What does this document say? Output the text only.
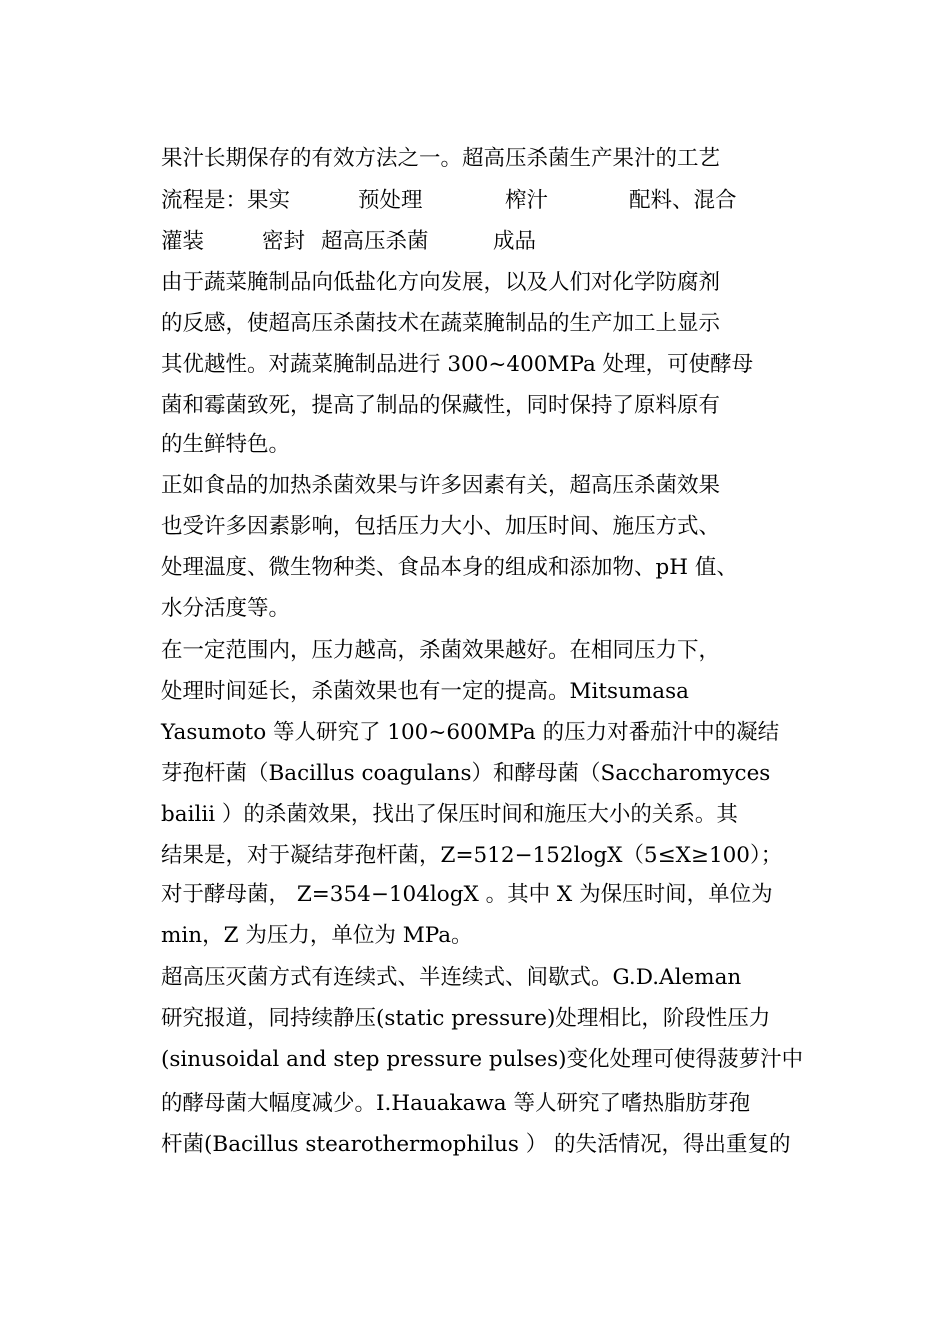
果汁长期保存的有效方法之一。超高压杀菌生产果汁的工艺
流程是：果实	预处理	榨汁	配料、混合
灌装	密封 超高压杀菌	成品
由于蔬菜腌制品向低盐化方向发展，以及人们对化学防腐剂
的反感，使超高压杀菌技术在蔬菜腌制品的生产加工上显示
其优越性。对蔬菜腌制品进行 300~400MPa 处理，可使酵母
菌和霉菌致死，提高了制品的保藏性，同时保持了原料原有
的生鲜特色。
正如食品的加热杀菌效果与许多因素有关，超高压杀菌效果
也受许多因素影响，包括压力大小、加压时间、施压方式、
处理温度、微生物种类、食品本身的组成和添加物、pH 值、
水分活度等。
在一定范围内，压力越高，杀菌效果越好。在相同压力下，
处理时间延长，杀菌效果也有一定的提高。Mitsumasa
Yasumoto 等人研究了 100~600MPa 的压力对番茄汁中的凝结
芽孢杆菌（Bacillus coagulans）和酵母菌（Saccharomyces
bailii ）的杀菌效果，找出了保压时间和施压大小的关系。其
结果是，对于凝结芽孢杆菌，Z=512−152logX（5≤X≥100）；
对于酵母菌， Z=354−104logX 。其中 X 为保压时间，单位为
min，Z 为压力，单位为 MPa。
超高压灭菌方式有连续式、半连续式、间歇式。G.D.Aleman
研究报道，同持续静压(static pressure)处理相比，阶段性压力
(sinusoidal and step pressure pulses)变化处理可使得菠萝汁中
的酵母菌大幅度减少。I.Hauakawa 等人研究了嗜热脂肪芽孢
杆菌(Bacillus stearothermophilus ） 的失活情况，得出重复的
